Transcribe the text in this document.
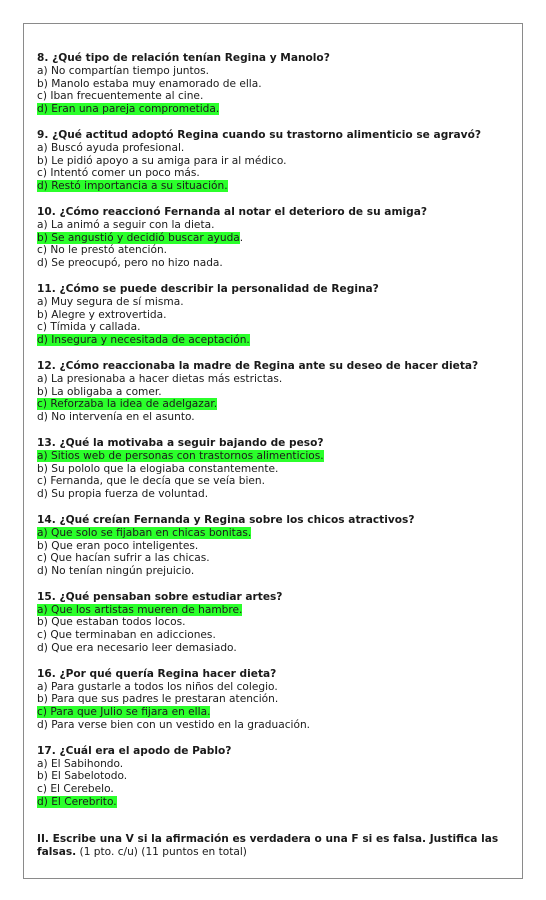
8. ¿Qué tipo de relación tenían Regina y Manolo?
a) No compartían tiempo juntos.
b) Manolo estaba muy enamorado de ella.
c) Iban frecuentemente al cine.
d) Eran una pareja comprometida.
9. ¿Qué actitud adoptó Regina cuando su trastorno alimenticio se agravó?
a) Buscó ayuda profesional.
b) Le pidió apoyo a su amiga para ir al médico.
c) Intentó comer un poco más.
d) Restó importancia a su situación.
10. ¿Cómo reaccionó Fernanda al notar el deterioro de su amiga?
a) La animó a seguir con la dieta.
b) Se angustió y decidió buscar ayuda.
c) No le prestó atención.
d) Se preocupó, pero no hizo nada.
11. ¿Cómo se puede describir la personalidad de Regina?
a) Muy segura de sí misma.
b) Alegre y extrovertida.
c) Tímida y callada.
d) Insegura y necesitada de aceptación.
12. ¿Cómo reaccionaba la madre de Regina ante su deseo de hacer dieta?
a) La presionaba a hacer dietas más estrictas.
b) La obligaba a comer.
c) Reforzaba la idea de adelgazar.
d) No intervenía en el asunto.
13. ¿Qué la motivaba a seguir bajando de peso?
a) Sitios web de personas con trastornos alimenticios.
b) Su pololo que la elogiaba constantemente.
c) Fernanda, que le decía que se veía bien.
d) Su propia fuerza de voluntad.
14. ¿Qué creían Fernanda y Regina sobre los chicos atractivos?
a) Que solo se fijaban en chicas bonitas.
b) Que eran poco inteligentes.
c) Que hacían sufrir a las chicas.
d) No tenían ningún prejuicio.
15. ¿Qué pensaban sobre estudiar artes?
a) Que los artistas mueren de hambre.
b) Que estaban todos locos.
c) Que terminaban en adicciones.
d) Que era necesario leer demasiado.
16. ¿Por qué quería Regina hacer dieta?
a) Para gustarle a todos los niños del colegio.
b) Para que sus padres le prestaran atención.
c) Para que Julio se fijara en ella.
d) Para verse bien con un vestido en la graduación.
17. ¿Cuál era el apodo de Pablo?
a) El Sabihondo.
b) El Sabelotodo.
c) El Cerebelo.
d) El Cerebrito.
II. Escribe una V si la afirmación es verdadera o una F si es falsa. Justifica las falsas. (1 pto. c/u) (11 puntos en total)
